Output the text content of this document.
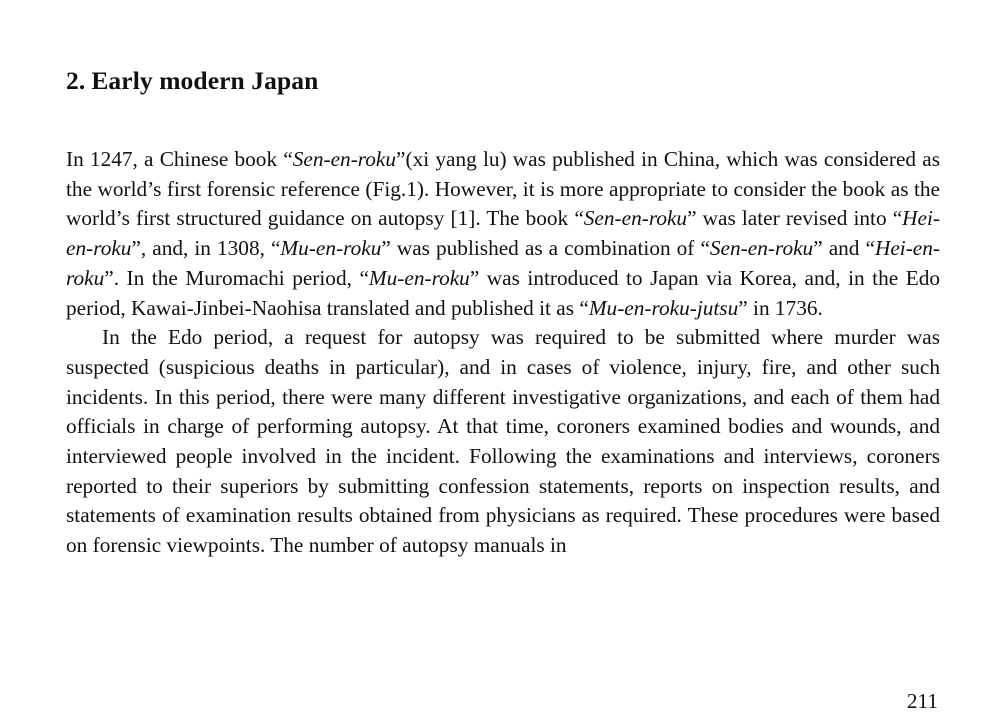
2. Early modern Japan

In 1247, a Chinese book “Sen-en-roku”(xi yang lu) was published in China, which was considered as the world’s first forensic reference (Fig.1). However, it is more appropriate to consider the book as the world’s first structured guidance on autopsy [1]. The book “Sen-en-roku” was later revised into “Hei-en-roku”, and, in 1308, “Mu-en-roku” was published as a combination of “Sen-en-roku” and “Hei-en-roku”. In the Muromachi period, “Mu-en-roku” was introduced to Japan via Korea, and, in the Edo period, Kawai-Jinbei-Naohisa translated and published it as “Mu-en-roku-jutsu” in 1736.

In the Edo period, a request for autopsy was required to be submitted where murder was suspected (suspicious deaths in particular), and in cases of violence, injury, fire, and other such incidents. In this period, there were many different investigative organizations, and each of them had officials in charge of performing autopsy. At that time, coroners examined bodies and wounds, and interviewed people involved in the incident. Following the examinations and interviews, coroners reported to their superiors by submitting confession statements, reports on inspection results, and statements of examination results obtained from physicians as required. These procedures were based on forensic viewpoints. The number of autopsy manuals in

211
